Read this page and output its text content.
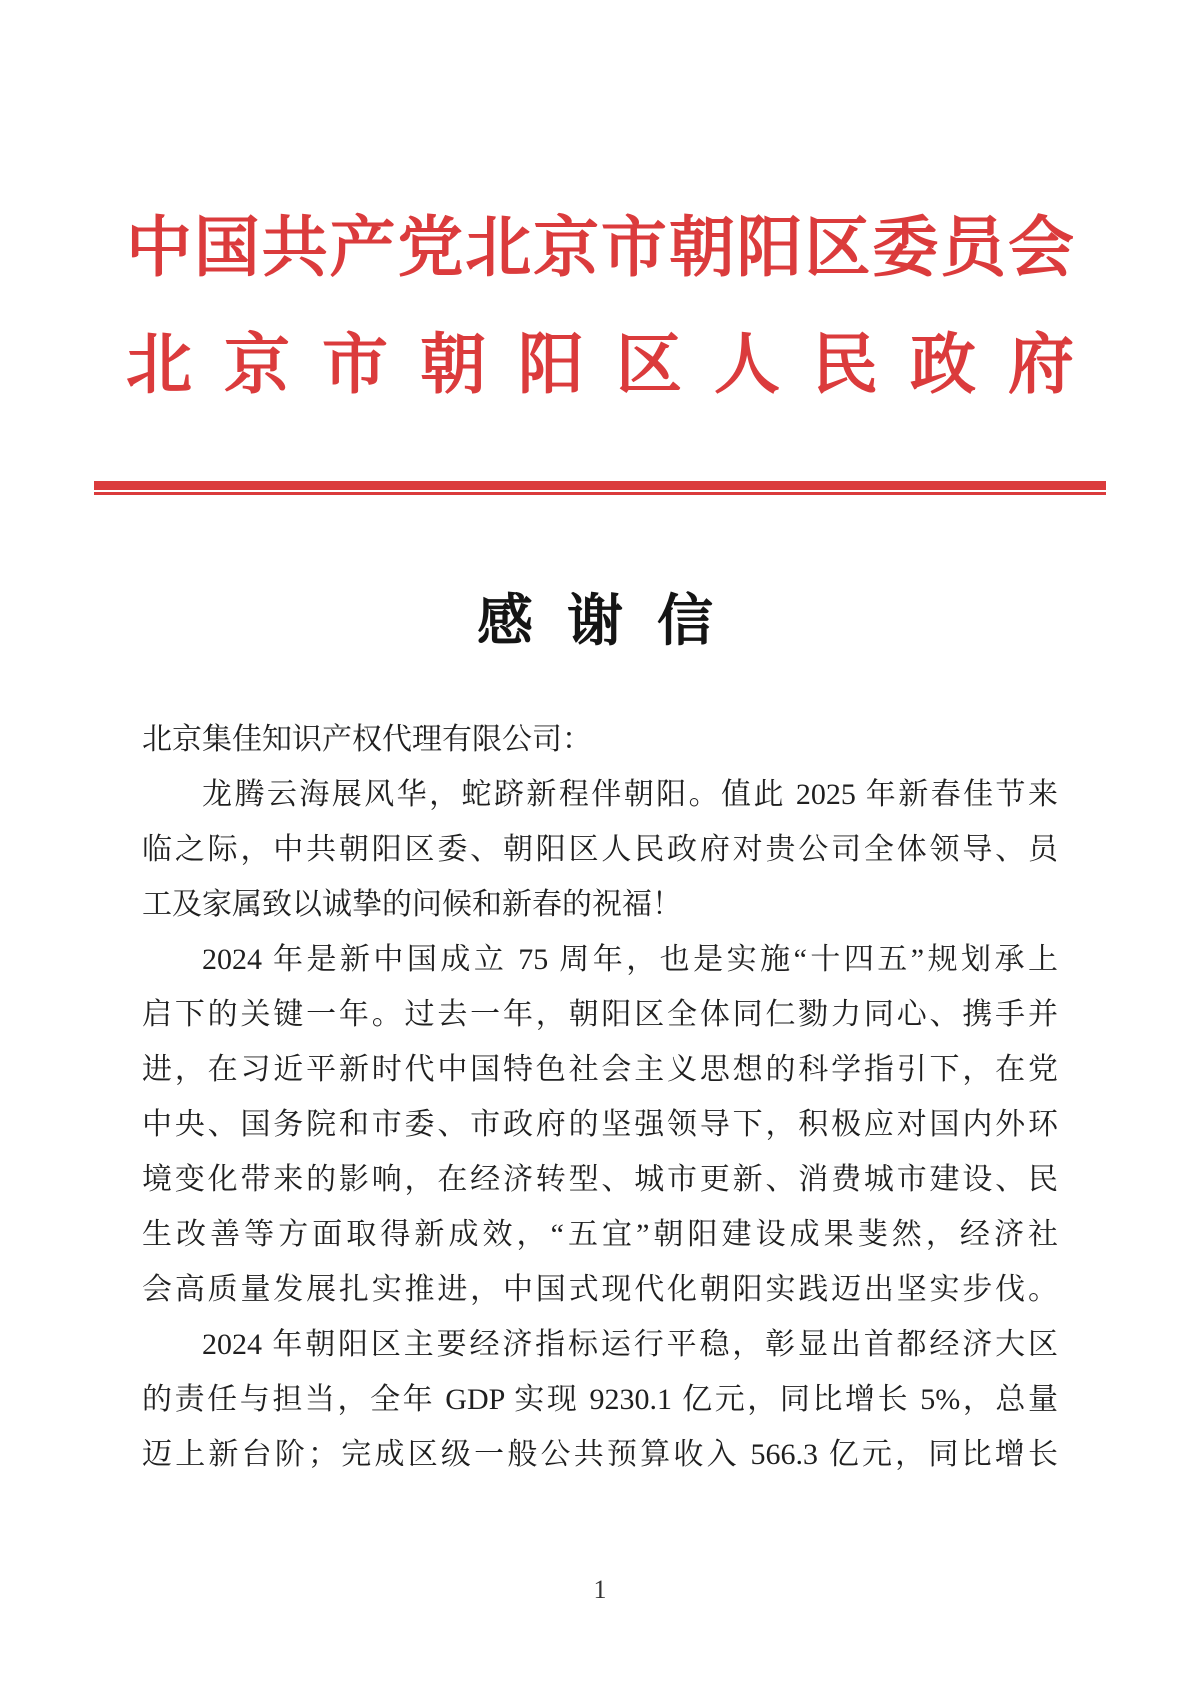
中 国 共 产 党 北 京 市 朝 阳 区 委 员 会
北 京 市 朝 阳 区 人 民 政 府
感 谢 信
北京集佳知识产权代理有限公司：
龙腾云海展风华，蛇跻新程伴朝阳。值此 2025 年新春佳节来
临之际，中共朝阳区委、朝阳区人民政府对贵公司全体领导、员
工及家属致以诚挚的问候和新春的祝福！
2024 年是新中国成立 75 周年，也是实施“十四五”规划承上
启下的关键一年。过去一年，朝阳区全体同仁勠力同心、携手并
进，在习近平新时代中国特色社会主义思想的科学指引下，在党
中央、国务院和市委、市政府的坚强领导下，积极应对国内外环
境变化带来的影响，在经济转型、城市更新、消费城市建设、民
生改善等方面取得新成效，“五宜”朝阳建设成果斐然，经济社
会高质量发展扎实推进，中国式现代化朝阳实践迈出坚实步伐。
2024 年朝阳区主要经济指标运行平稳，彰显出首都经济大区
的责任与担当，全年 GDP 实现 9230.1 亿元，同比增长 5%，总量
迈上新台阶；完成区级一般公共预算收入 566.3 亿元，同比增长
1
